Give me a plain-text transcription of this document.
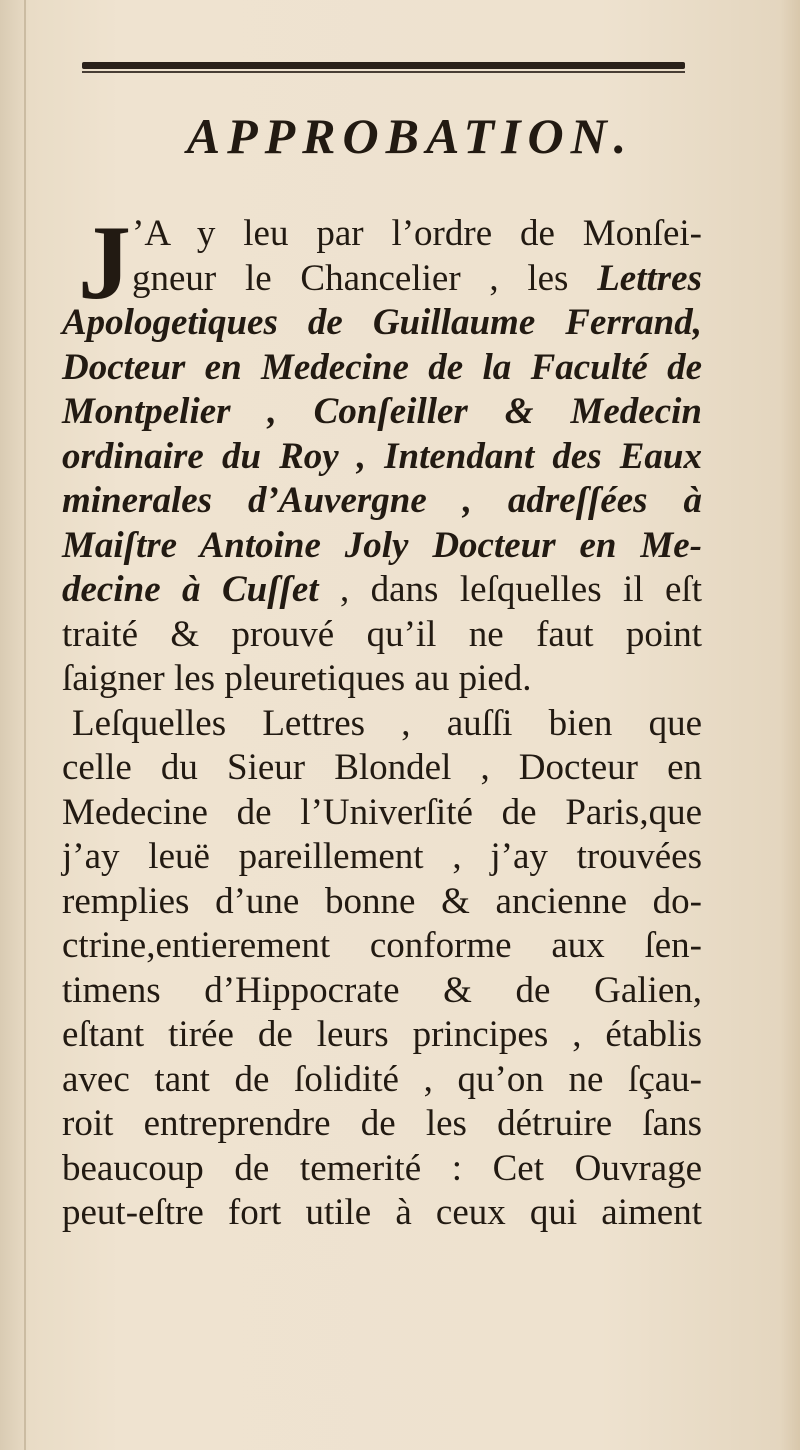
APPROBATION.
J ’A y leu par l’ordre de Monſei-
gneur le Chancelier , les Lettres
Apologetiques de Guillaume Ferrand,
Docteur en Medecine de la Faculté de
Montpelier , Conſeiller & Medecin
ordinaire du Roy , Intendant des Eaux
minerales d’Auvergne , adreſſées à
Maiſtre Antoine Joly Docteur en Me-
decine à Cuſſet , dans leſquelles il eſt
traité & prouvé qu’il ne faut point
ſaigner les pleuretiques au pied.
Leſquelles Lettres , auſſi bien que
celle du Sieur Blondel , Docteur en
Medecine de l’Univerſité de Paris,que
j’ay leuë pareillement , j’ay trouvées
remplies d’une bonne & ancienne do-
ctrine,entierement conforme aux ſen-
timens d’Hippocrate & de Galien,
eſtant tirée de leurs principes , établis
avec tant de ſolidité , qu’on ne ſçau-
roit entreprendre de les détruire ſans
beaucoup de temerité : Cet Ouvrage
peut-eſtre fort utile à ceux qui aiment
